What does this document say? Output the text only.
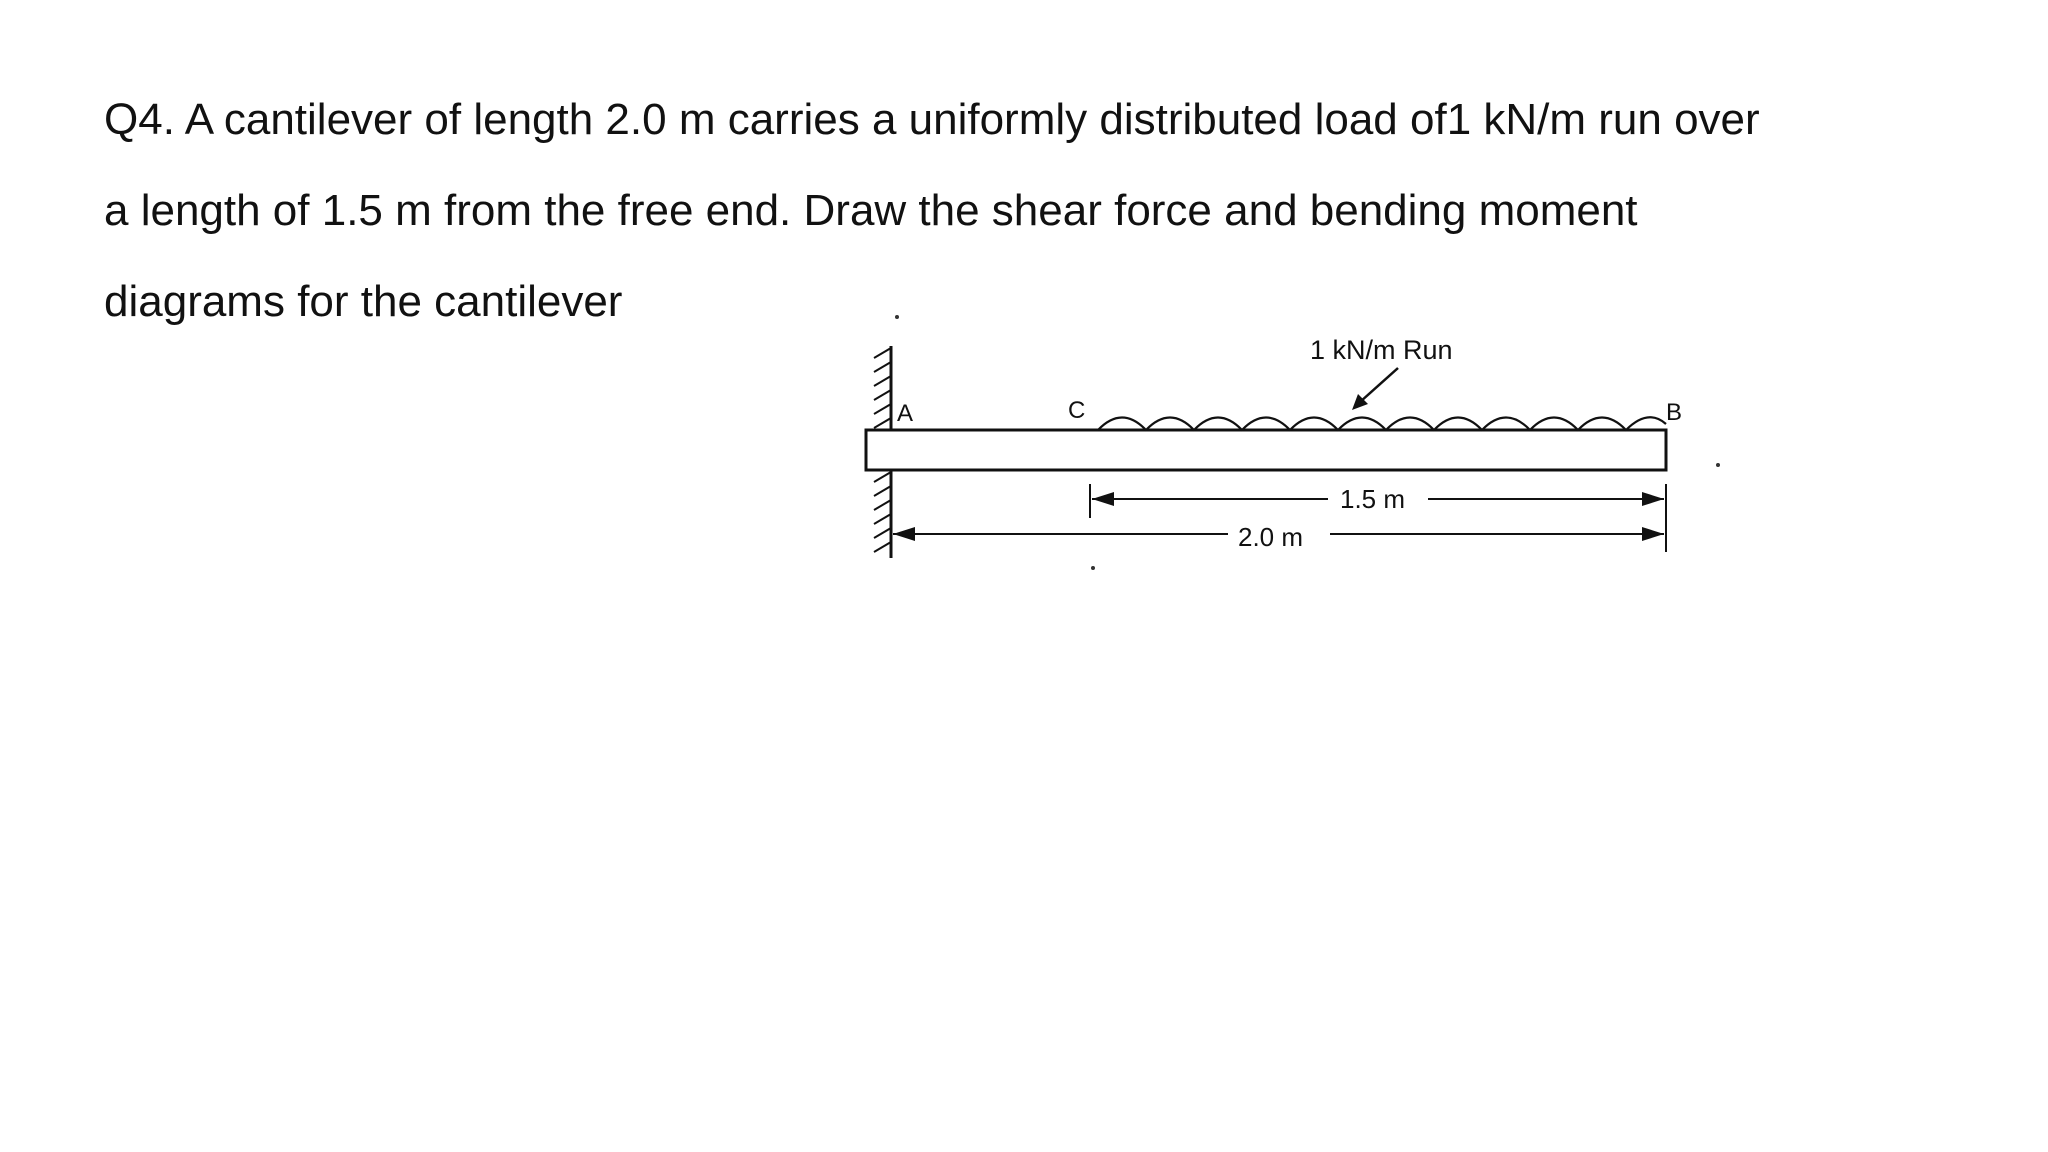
Q4. A cantilever of length 2.0 m carries a uniformly distributed load of1 kN/m run over
a length of 1.5 m from the free end. Draw the shear force and bending moment
diagrams for the cantilever
1 kN/m Run
A	C	B
1.5 m
2.0 m
